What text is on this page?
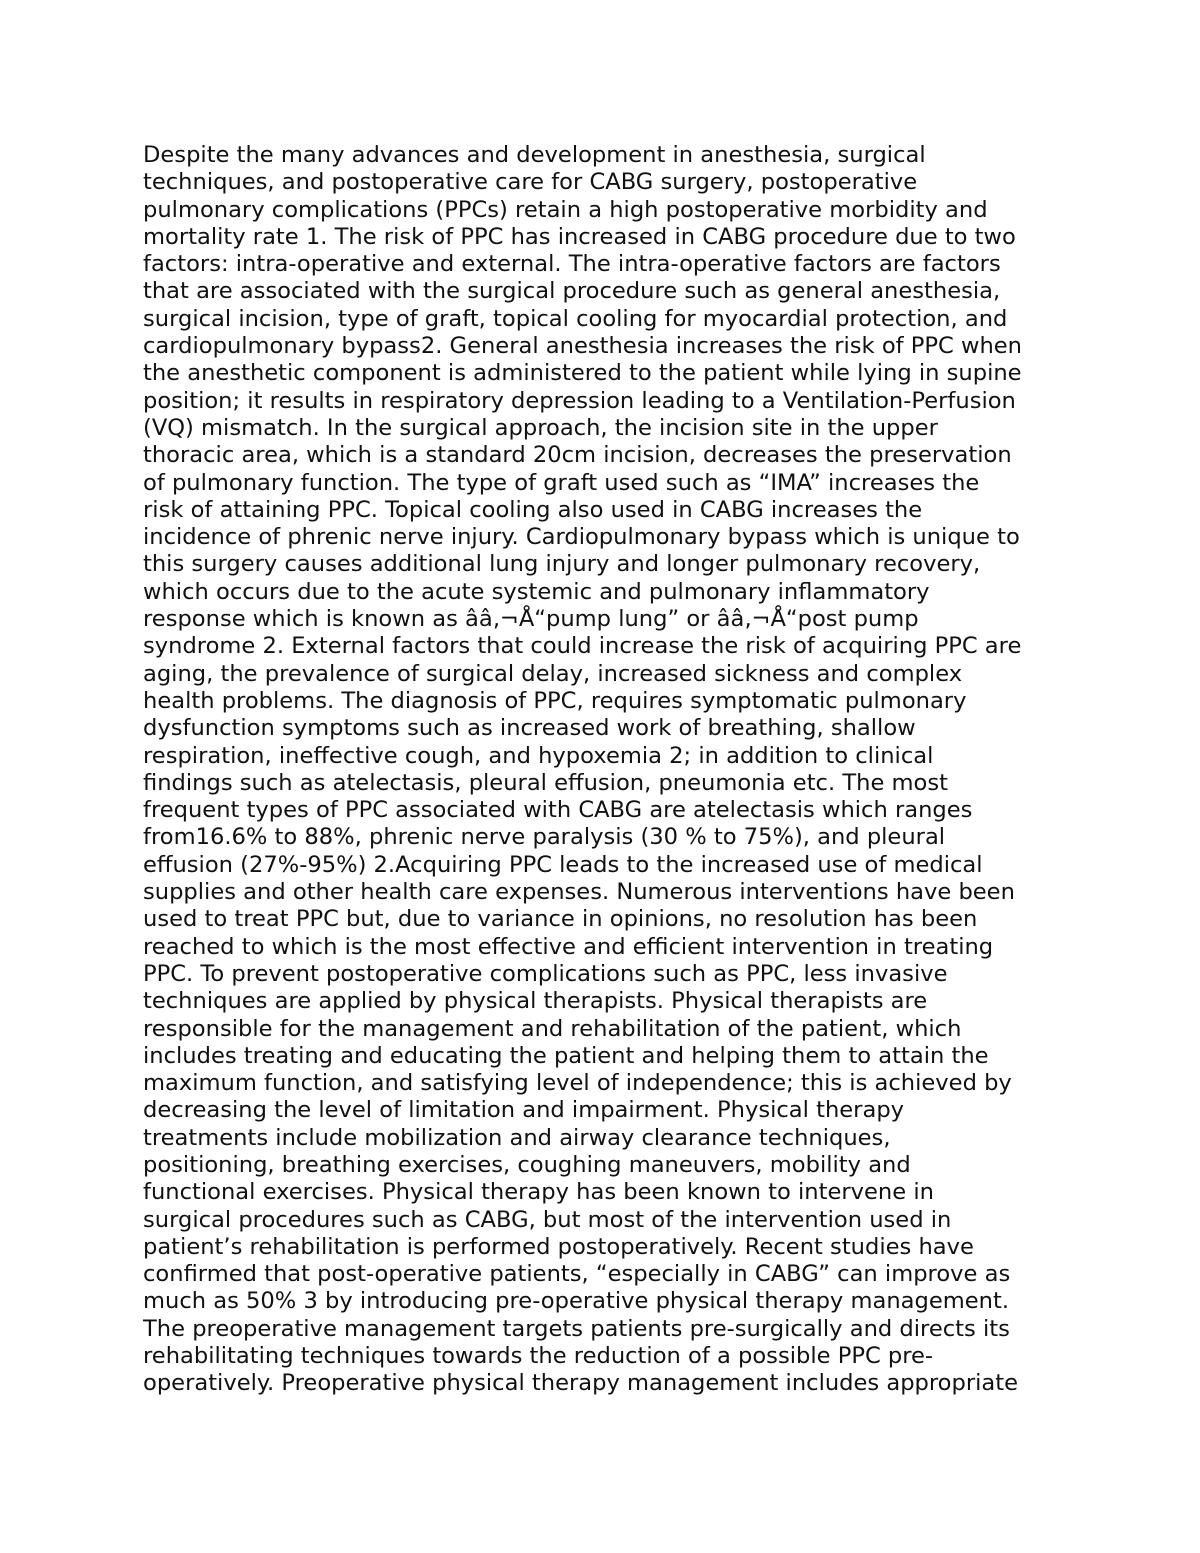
Despite the many advances and development in anesthesia, surgical
techniques, and postoperative care for CABG surgery, postoperative
pulmonary complications (PPCs) retain a high postoperative morbidity and
mortality rate 1. The risk of PPC has increased in CABG procedure due to two
factors: intra-operative and external. The intra-operative factors are factors
that are associated with the surgical procedure such as general anesthesia,
surgical incision, type of graft, topical cooling for myocardial protection, and
cardiopulmonary bypass2. General anesthesia increases the risk of PPC when
the anesthetic component is administered to the patient while lying in supine
position; it results in respiratory depression leading to a Ventilation-Perfusion
(VQ) mismatch. In the surgical approach, the incision site in the upper
thoracic area, which is a standard 20cm incision, decreases the preservation
of pulmonary function. The type of graft used such as “IMA” increases the
risk of attaining PPC. Topical cooling also used in CABG increases the
incidence of phrenic nerve injury. Cardiopulmonary bypass which is unique to
this surgery causes additional lung injury and longer pulmonary recovery,
which occurs due to the acute systemic and pulmonary inflammatory
response which is known as ââ‚¬Å“pump lung” or ââ‚¬Å“post pump
syndrome 2. External factors that could increase the risk of acquiring PPC are
aging, the prevalence of surgical delay, increased sickness and complex
health problems. The diagnosis of PPC, requires symptomatic pulmonary
dysfunction symptoms such as increased work of breathing, shallow
respiration, ineffective cough, and hypoxemia 2; in addition to clinical
findings such as atelectasis, pleural effusion, pneumonia etc. The most
frequent types of PPC associated with CABG are atelectasis which ranges
from16.6% to 88%, phrenic nerve paralysis (30 % to 75%), and pleural
effusion (27%-95%) 2.Acquiring PPC leads to the increased use of medical
supplies and other health care expenses. Numerous interventions have been
used to treat PPC but, due to variance in opinions, no resolution has been
reached to which is the most effective and efficient intervention in treating
PPC. To prevent postoperative complications such as PPC, less invasive
techniques are applied by physical therapists. Physical therapists are
responsible for the management and rehabilitation of the patient, which
includes treating and educating the patient and helping them to attain the
maximum function, and satisfying level of independence; this is achieved by
decreasing the level of limitation and impairment. Physical therapy
treatments include mobilization and airway clearance techniques,
positioning, breathing exercises, coughing maneuvers, mobility and
functional exercises. Physical therapy has been known to intervene in
surgical procedures such as CABG, but most of the intervention used in
patient’s rehabilitation is performed postoperatively. Recent studies have
confirmed that post-operative patients, “especially in CABG” can improve as
much as 50% 3 by introducing pre-operative physical therapy management.
The preoperative management targets patients pre-surgically and directs its
rehabilitating techniques towards the reduction of a possible PPC pre-
operatively. Preoperative physical therapy management includes appropriate
